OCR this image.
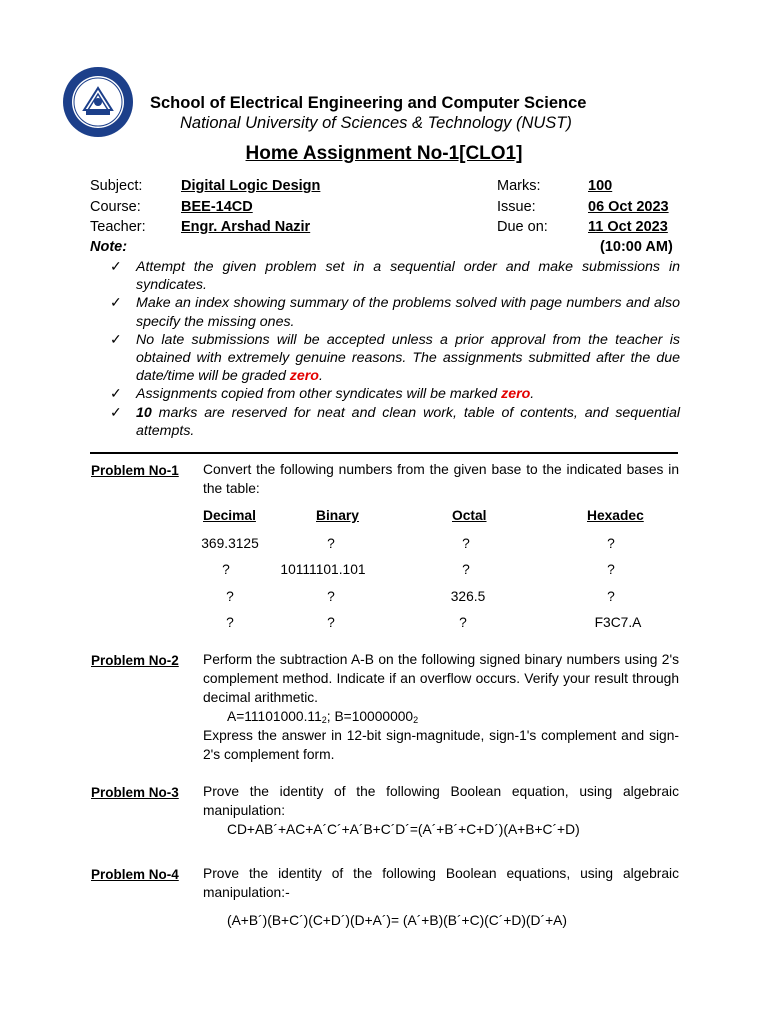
School of Electrical Engineering and Computer Science
National University of Sciences & Technology (NUST)
Home Assignment No-1[CLO1]
Subject:	Digital Logic Design
Course:	BEE-14CD
Teacher: Engr. Arshad Nazir
Marks:	100
Issue:	06 Oct 2023
Due on:	11 Oct 2023
Note:	(10:00 AM)
✓ Attempt the given problem set in a sequential order and make submissions in syndicates.
✓ Make an index showing summary of the problems solved with page numbers and also specify the missing ones.
✓ No late submissions will be accepted unless a prior approval from the teacher is obtained with extremely genuine reasons. The assignments submitted after the due date/time will be graded zero.
✓ Assignments copied from other syndicates will be marked zero.
✓ 10 marks are reserved for neat and clean work, table of contents, and sequential attempts.
Problem No-1 Convert the following numbers from the given base to the indicated bases in the table:
Decimal	Binary	Octal	Hexadec
369.3125	?	?	?
?	10111101.101	?	?
?	?	326.5	?
?	?	?	F3C7.A
Problem No-2 Perform the subtraction A-B on the following signed binary numbers using 2's complement method. Indicate if an overflow occurs. Verify your result through decimal arithmetic.
$A=11101000.11_2$; $B=10000000_2$
Express the answer in 12-bit sign-magnitude, sign-1's complement and sign-2's complement form.
Problem No-3 Prove the identity of the following Boolean equation, using algebraic manipulation:
CD+AB´+AC+A´C´+A´B+C´D´=(A´+B´+C+D´)(A+B+C´+D)
Problem No-4 Prove the identity of the following Boolean equations, using algebraic manipulation:-
(A+B´)(B+C´)(C+D´)(D+A´)= (A´+B)(B´+C)(C´+D)(D´+A)
